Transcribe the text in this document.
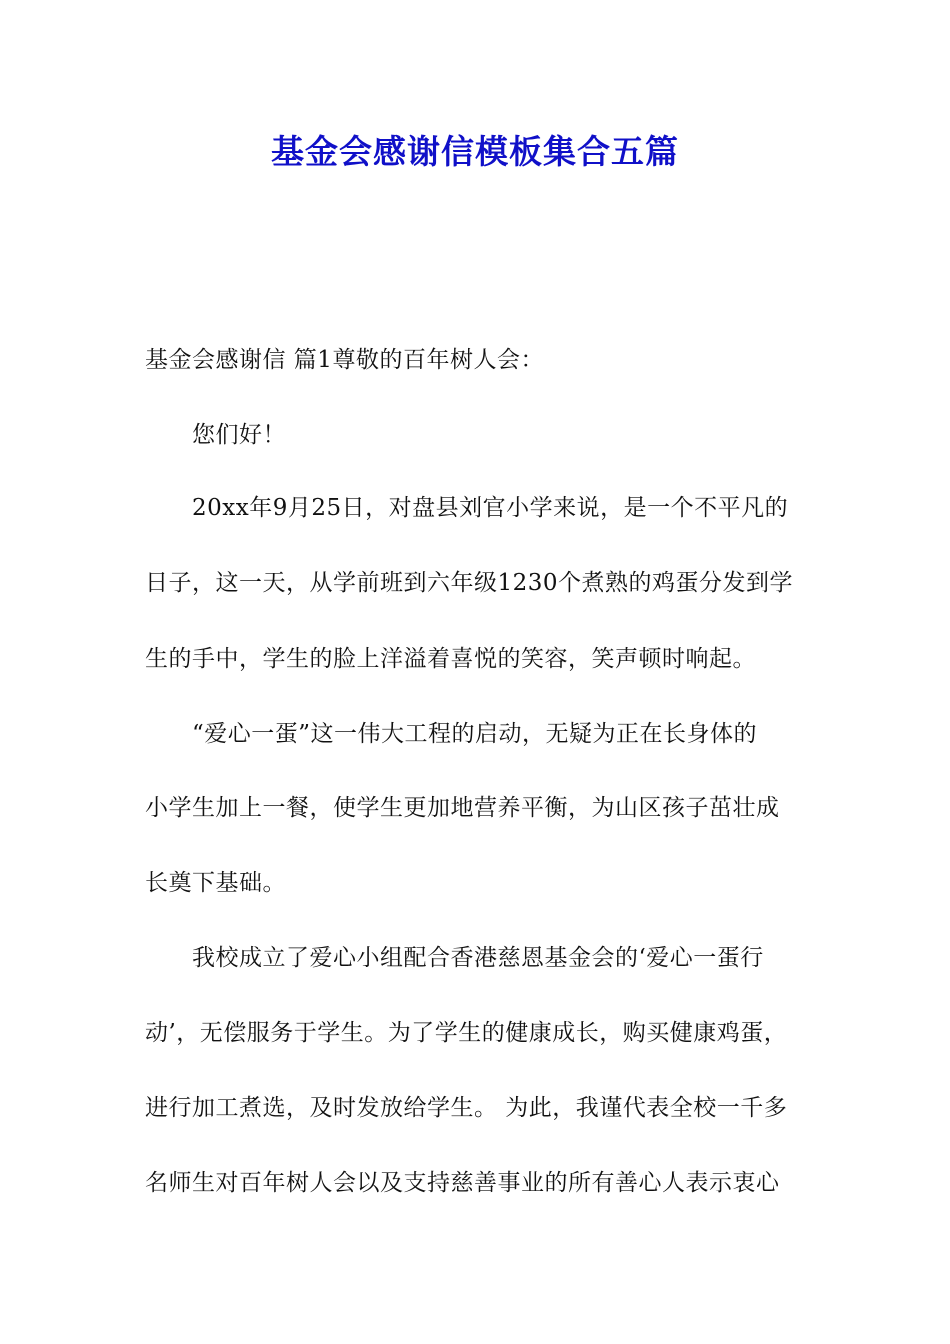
基金会感谢信模板集合五篇
基金会感谢信 篇1尊敬的百年树人会：
您们好！
20xx年9月25日，对盘县刘官小学来说，是一个不平凡的
日子，这一天，从学前班到六年级1230个煮熟的鸡蛋分发到学
生的手中，学生的脸上洋溢着喜悦的笑容，笑声顿时响起。
“爱心一蛋”这一伟大工程的启动，无疑为正在长身体的
小学生加上一餐，使学生更加地营养平衡，为山区孩子茁壮成
长奠下基础。
我校成立了爱心小组配合香港慈恩基金会的‘爱心一蛋行
动’，无偿服务于学生。为了学生的健康成长，购买健康鸡蛋，
进行加工煮选，及时发放给学生。 为此，我谨代表全校一千多
名师生对百年树人会以及支持慈善事业的所有善心人表示衷心
